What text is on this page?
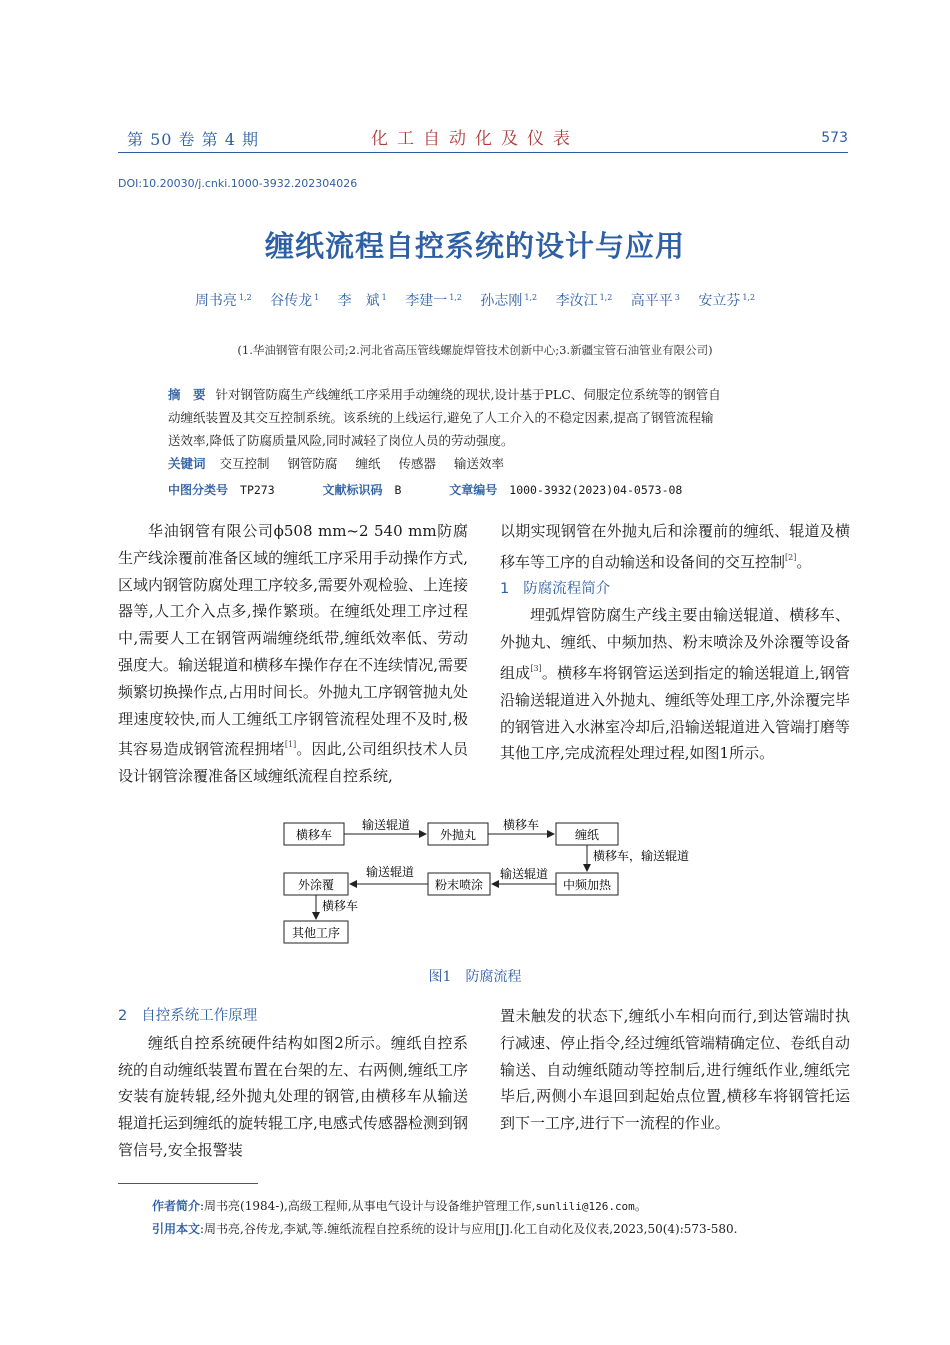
第 50 卷 第 4 期	化工自动化及仪表	573
DOI:10.20030/j.cnki.1000-3932.202304026
缠纸流程自控系统的设计与应用
周书亮 $^{1,2}$ 谷传龙 $^1$ 李　斌 $^1$ 李建一 $^{1,2}$ 孙志刚 $^{1,2}$ 李汝江 $^{1,2}$ 高平平 $^3$ 安立芬 $^{1,2}$
(1.华油钢管有限公司;2.河北省高压管线螺旋焊管技术创新中心;3.新疆宝管石油管业有限公司)
摘　要 针对钢管防腐生产线缠纸工序采用手动缠绕的现状,设计基于PLC、伺服定位系统等的钢管自
动缠纸装置及其交互控制系统。该系统的上线运行,避免了人工介入的不稳定因素,提高了钢管流程输
送效率,降低了防腐质量风险,同时减轻了岗位人员的劳动强度。
关键词 交互控制 钢管防腐 缠纸 传感器 输送效率
中图分类号 TP273	文献标识码 B	文章编号 1000-3932(2023)04-0573-08

华油钢管有限公司ϕ508 mm~2 540 mm防腐生产线涂覆前准备区域的缠纸工序采用手动操作方式,区域内钢管防腐处理工序较多,需要外观检验、上连接器等,人工介入点多,操作繁琐。在缠纸处理工序过程中,需要人工在钢管两端缠绕纸带,缠纸效率低、劳动强度大。输送辊道和横移车操作存在不连续情况,需要频繁切换操作点,占用时间长。外抛丸工序钢管抛丸处理速度较快,而人工缠纸工序钢管流程处理不及时,极其容易造成钢管流程拥堵[1]。因此,公司组织技术人员设计钢管涂覆准备区域缠纸流程自控系统,

以期实现钢管在外抛丸后和涂覆前的缠纸、辊道及横移车等工序的自动输送和设备间的交互控制[2]。

1 防腐流程简介

埋弧焊管防腐生产线主要由输送辊道、横移车、外抛丸、缠纸、中频加热、粉末喷涂及外涂覆等设备组成[3]。横移车将钢管运送到指定的输送辊道上,钢管沿输送辊道进入外抛丸、缠纸等处理工序,外涂覆完毕的钢管进入水淋室冷却后,沿输送辊道进入管端打磨等其他工序,完成流程处理过程,如图1所示。

横移车	外抛丸	缠纸
中频加热
粉末喷涂
外涂覆
其他工序
输送辊道	横移车
横移车，输送辊道
输送辊道
输送辊道
横移车
图1 防腐流程

2 自控系统工作原理

缠纸自控系统硬件结构如图2所示。缠纸自控系统的自动缠纸装置布置在台架的左、右两侧,缠纸工序安装有旋转辊,经外抛丸处理的钢管,由横移车从输送辊道托运到缠纸的旋转辊工序,电感式传感器检测到钢管信号,安全报警装

置未触发的状态下,缠纸小车相向而行,到达管端时执行减速、停止指令,经过缠纸管端精确定位、卷纸自动输送、自动缠纸随动等控制后,进行缠纸作业,缠纸完毕后,两侧小车退回到起始点位置,横移车将钢管托运到下一工序,进行下一流程的作业。

作者简介:周书亮(1984-),高级工程师,从事电气设计与设备维护管理工作,sunlili@126.com。
引用本文:周书亮,谷传龙,李斌,等.缠纸流程自控系统的设计与应用[J].化工自动化及仪表,2023,50(4):573-580.
